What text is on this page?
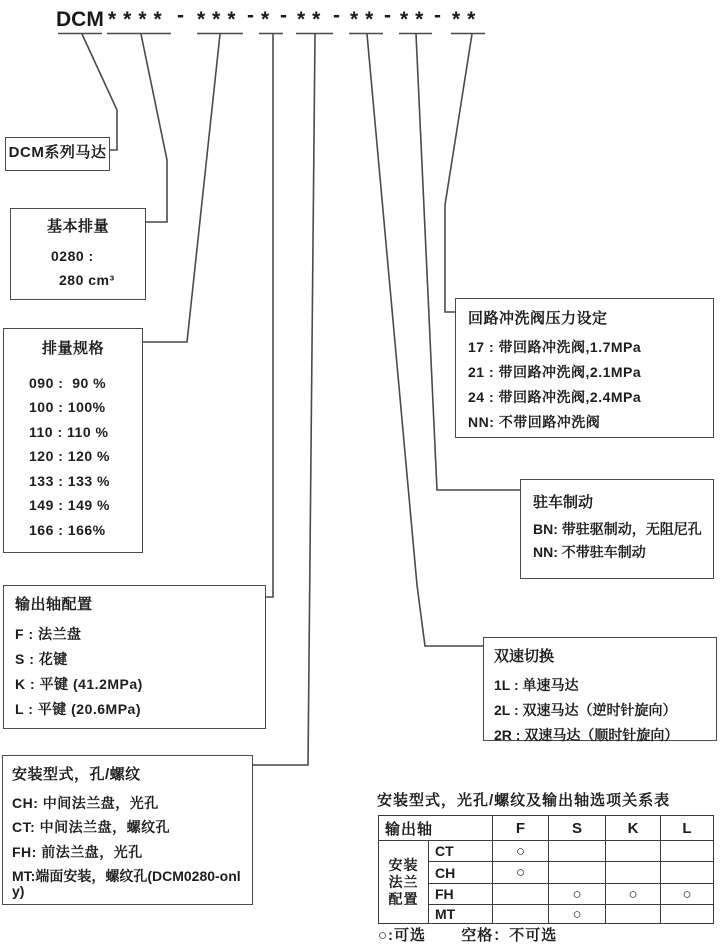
DCM **** - *** - * - ** - ** - ** - **
DCM系列马达
基本排量
0280 :
280 cm³
排量规格
090 :  90 %
100 : 100%
110 : 110 %
120 : 120 %
133 : 133 %
149 : 149 %
166 : 166%
输出轴配置
F : 法兰盘
S : 花键
K : 平键 (41.2MPa)
L : 平键 (20.6MPa)
安装型式，孔/螺纹
CH: 中间法兰盘，光孔
CT: 中间法兰盘，螺纹孔
FH: 前法兰盘，光孔
MT:端面安装，螺纹孔(DCM0280-only)
回路冲洗阀压力设定
17 : 带回路冲洗阀,1.7MPa
21 : 带回路冲洗阀,2.1MPa
24 : 带回路冲洗阀,2.4MPa
NN: 不带回路冲洗阀
驻车制动
BN: 带驻驱制动，无阻尼孔
NN: 不带驻车制动
双速切换
1L : 单速马达
2L : 双速马达（逆时针旋向）
2R : 双速马达（顺时针旋向）
安装型式，光孔/螺纹及输出轴选项关系表
输出轴		F	S	K	L

安装法兰配置	CT	○			
	CH	○			
	FH		○	○	○
	MT		○		
○:可选 空格：不可选
